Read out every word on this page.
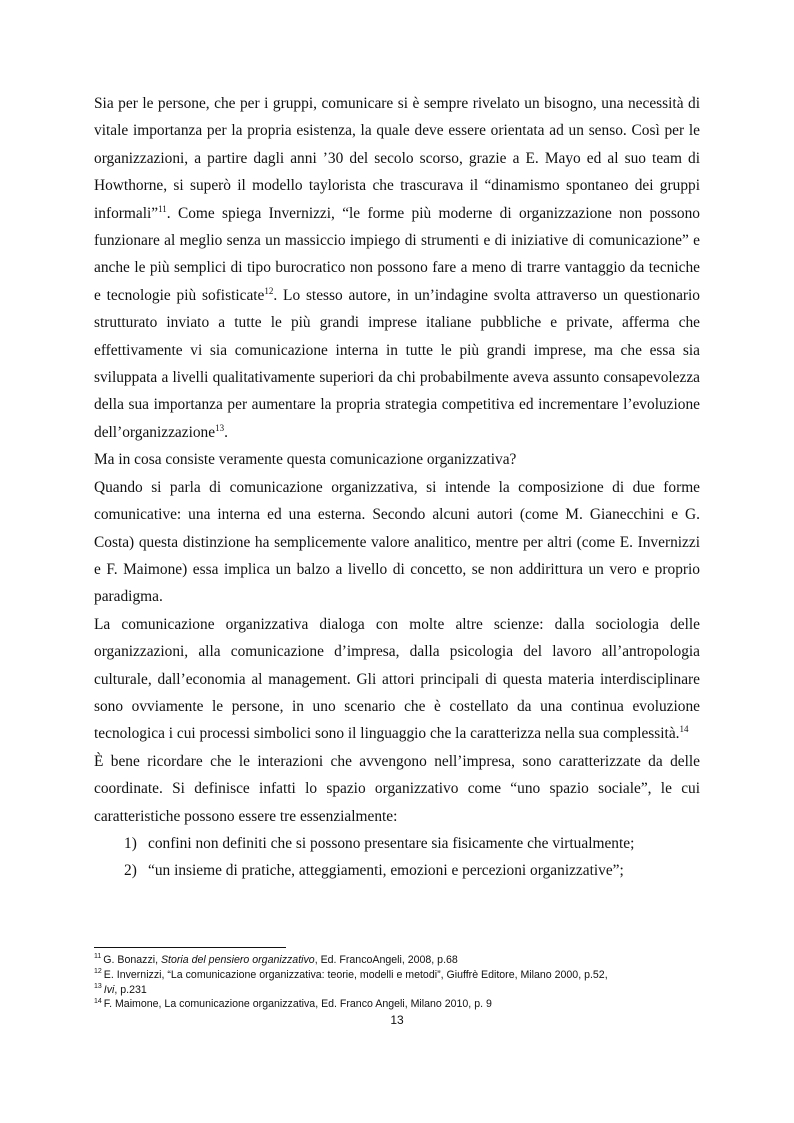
Sia per le persone, che per i gruppi, comunicare si è sempre rivelato un bisogno, una necessità di vitale importanza per la propria esistenza, la quale deve essere orientata ad un senso. Così per le organizzazioni, a partire dagli anni ’30 del secolo scorso, grazie a E. Mayo ed al suo team di Howthorne, si superò il modello taylorista che trascurava il “dinamismo spontaneo dei gruppi informali”$^{11}$. Come spiega Invernizzi, “le forme più moderne di organizzazione non possono funzionare al meglio senza un massiccio impiego di strumenti e di iniziative di comunicazione” e anche le più semplici di tipo burocratico non possono fare a meno di trarre vantaggio da tecniche e tecnologie più sofisticate$^{12}$. Lo stesso autore, in un’indagine svolta attraverso un questionario strutturato inviato a tutte le più grandi imprese italiane pubbliche e private, afferma che effettivamente vi sia comunicazione interna in tutte le più grandi imprese, ma che essa sia sviluppata a livelli qualitativamente superiori da chi probabilmente aveva assunto consapevolezza della sua importanza per aumentare la propria strategia competitiva ed incrementare l’evoluzione dell’organizzazione$^{13}$.

Ma in cosa consiste veramente questa comunicazione organizzativa?

Quando si parla di comunicazione organizzativa, si intende la composizione di due forme comunicative: una interna ed una esterna. Secondo alcuni autori (come M. Gianecchini e G. Costa) questa distinzione ha semplicemente valore analitico, mentre per altri (come E. Invernizzi e F. Maimone) essa implica un balzo a livello di concetto, se non addirittura un vero e proprio paradigma.

La comunicazione organizzativa dialoga con molte altre scienze: dalla sociologia delle organizzazioni, alla comunicazione d’impresa, dalla psicologia del lavoro all’antropologia culturale, dall’economia al management. Gli attori principali di questa materia interdisciplinare sono ovviamente le persone, in uno scenario che è costellato da una continua evoluzione tecnologica i cui processi simbolici sono il linguaggio che la caratterizza nella sua complessità.$^{14}$

È bene ricordare che le interazioni che avvengono nell’impresa, sono caratterizzate da delle coordinate. Si definisce infatti lo spazio organizzativo come “uno spazio sociale”, le cui caratteristiche possono essere tre essenzialmente:

1) confini non definiti che si possono presentare sia fisicamente che virtualmente;
2) “un insieme di pratiche, atteggiamenti, emozioni e percezioni organizzative”;
$^{11}$ G. Bonazzi, Storia del pensiero organizzativo, Ed. FrancoAngeli, 2008, p.68
$^{12}$ E. Invernizzi, “La comunicazione organizzativa: teorie, modelli e metodi”, Giuffrè Editore, Milano 2000, p.52,
$^{13}$ Ivi, p.231
$^{14}$ F. Maimone, La comunicazione organizzativa, Ed. Franco Angeli, Milano 2010, p. 9
13
